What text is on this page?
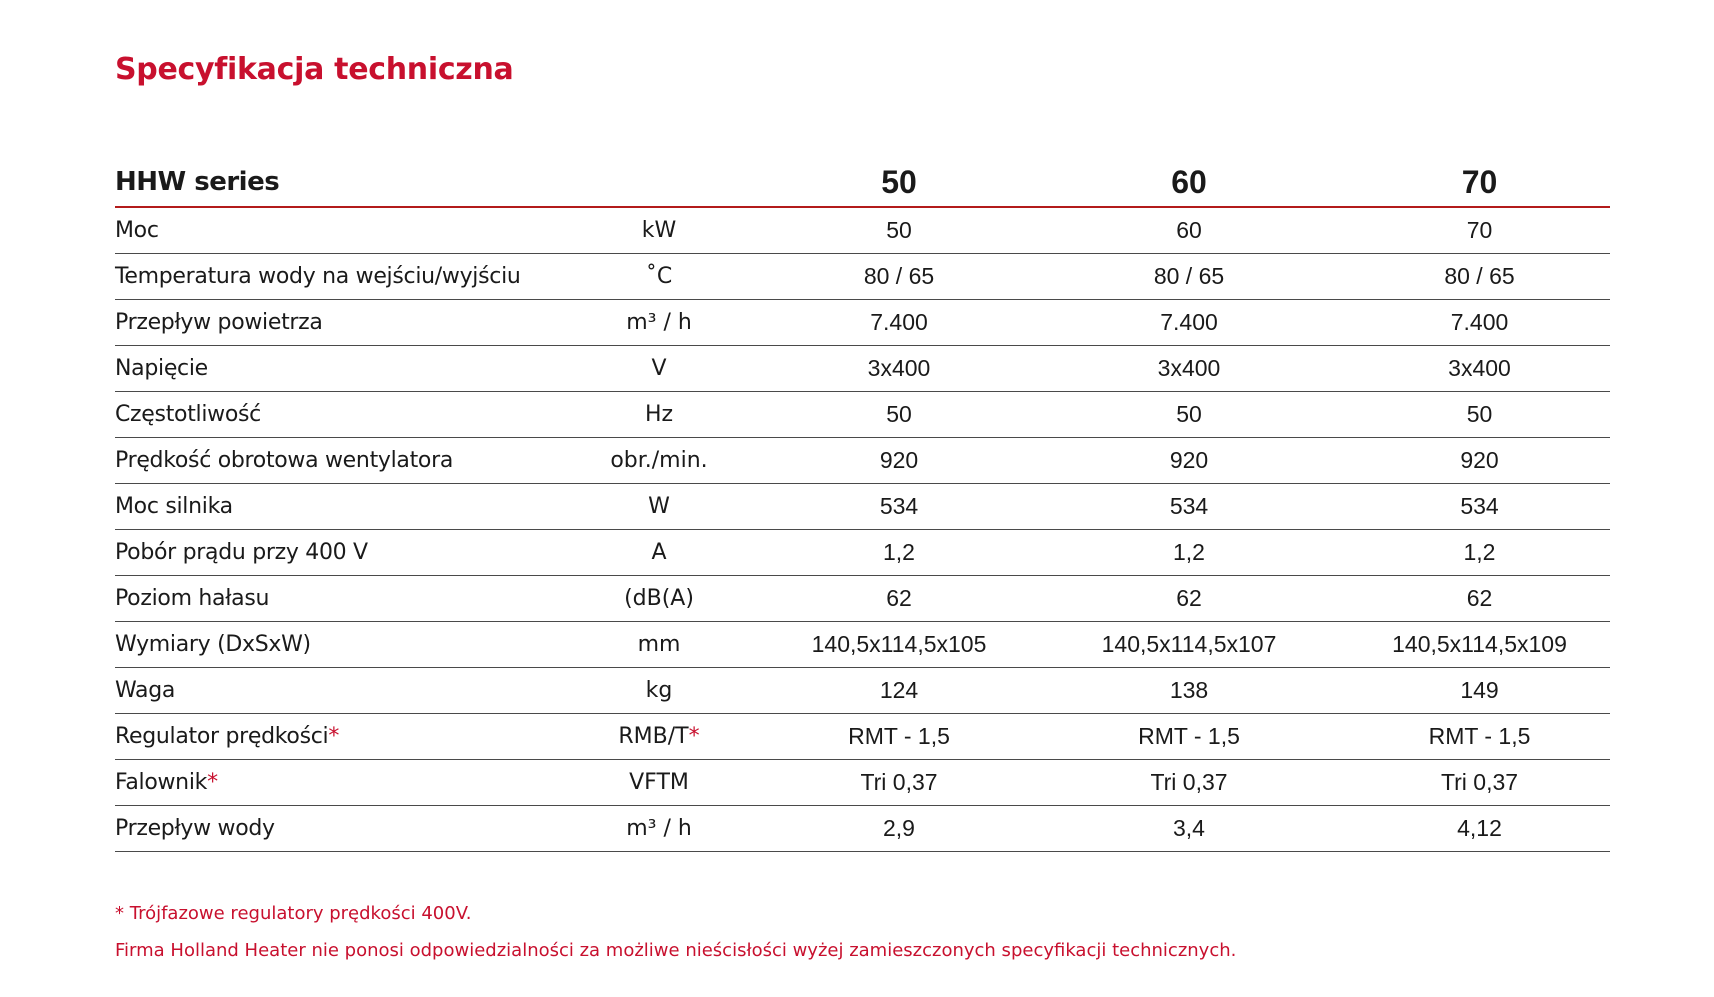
Specyfikacja techniczna
HHW series		50	60	70
Moc	kW	50	60	70
Temperatura wody na wejściu/wyjściu	˚C	80 / 65	80 / 65	80 / 65
Przepływ powietrza	m³ / h	7.400	7.400	7.400
Napięcie	V	3x400	3x400	3x400
Częstotliwość	Hz	50	50	50
Prędkość obrotowa wentylatora	obr./min.	920	920	920
Moc silnika	W	534	534	534
Pobór prądu przy 400 V	A	1,2	1,2	1,2
Poziom hałasu	(dB(A)	62	62	62
Wymiary (DxSxW)	mm	140,5x114,5x105	140,5x114,5x107	140,5x114,5x109
Waga	kg	124	138	149
Regulator prędkości*	RMB/T*	RMT - 1,5	RMT - 1,5	RMT - 1,5
Falownik*	VFTM	Tri 0,37	Tri 0,37	Tri 0,37
Przepływ wody	m³ / h	2,9	3,4	4,12
* Trójfazowe regulatory prędkości 400V.
Firma Holland Heater nie ponosi odpowiedzialności za możliwe nieścisłości wyżej zamieszczonych specyfikacji technicznych.
